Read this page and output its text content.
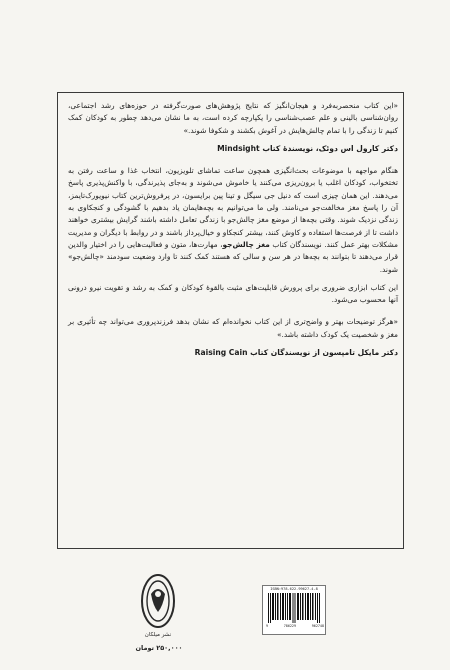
«این کتاب منحصربه‌فرد و هیجان‌انگیز که نتایج پژوهش‌های صورت‌گرفته در حوزه‌های رشد اجتماعی، روان‌شناسی بالینی و علم عصب‌شناسی را یکپارچه کرده است، به ما نشان می‌دهد چطور به کودکان کمک کنیم تا زندگی را با تمام چالش‌هایش در آغوش بکشند و شکوفا شوند.»

دکتر کارول اس دوئک، نویسندهٔ کتاب Mindsight

هنگام مواجهه با موضوعات بحث‌انگیزی همچون ساعت تماشای تلویزیون، انتخاب غذا و ساعت رفتن به تختخواب، کودکان اغلب یا برون‌ریزی می‌کنند یا خاموش می‌شوند و به‌جای پذیرندگی، با واکنش‌پذیری پاسخ می‌دهند. این همان چیزی است که دنیل جی سیگل و تینا پین برایسون، در پرفروش‌ترین کتاب نیویورک‌تایمز، آن را پاسخ مغز مخالفت‌جو می‌نامند. ولی ما می‌توانیم به بچه‌هایمان یاد بدهیم با گشودگی و کنجکاوی به زندگی نزدیک شوند. وقتی بچه‌ها از موضع مغز چالش‌جو با زندگی تعامل داشته باشند گرایش بیشتری خواهند داشت تا از فرصت‌ها استفاده و کاوش کنند، بیشتر کنجکاو و خیال‌پرداز باشند و در روابط با دیگران و مدیریت مشکلات بهتر عمل کنند. نویسندگان کتاب مغز چالش‌جو، مهارت‌ها، متون و فعالیت‌هایی را در اختیار والدین قرار می‌دهند تا بتوانند به بچه‌ها در هر سن و سالی که هستند کمک کنند تا وارد وضعیت سودمند «چالش‌جو» شوند.

این کتاب ابزاری ضروری برای پرورش قابلیت‌های مثبت بالقوهٔ کودکان و کمک به رشد و تقویت نیرو درونی آنها محسوب می‌شود.

«هرگز توضیحات بهتر و واضح‌تری از این کتاب نخوانده‌ام که نشان بدهد فرزندپروری می‌تواند چه تأثیری بر مغز و شخصیت یک کودک داشته باشد.»

دکتر مایکل تامپسون از نویسندگان کتاب Raising Cain

نشر میلکان
۲۵۰,۰۰۰ تومان
ISBN:978-622-99627-4-8
9	786229	962748
